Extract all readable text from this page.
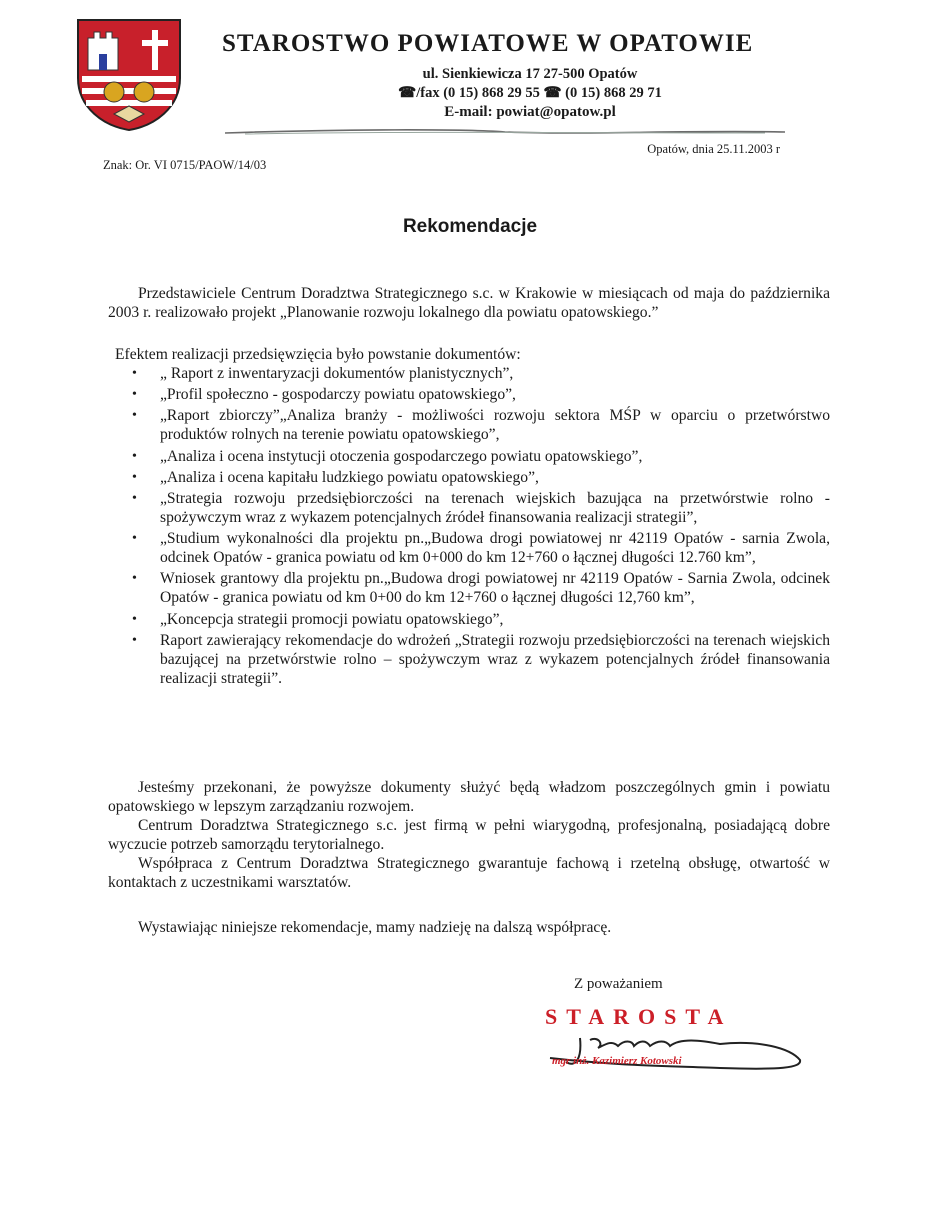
STAROSTWO POWIATOWE W OPATOWIE
ul. Sienkiewicza 17 27-500 Opatów
☎/fax (0 15) 868 29 55 ☎ (0 15) 868 29 71
E-mail: powiat@opatow.pl
Opatów, dnia 25.11.2003 r
Znak: Or. VI 0715/PAOW/14/03
Rekomendacje
Przedstawiciele Centrum Doradztwa Strategicznego s.c. w Krakowie w miesiącach od maja do października 2003 r. realizowało projekt „Planowanie rozwoju lokalnego dla powiatu opatowskiego.”
Efektem realizacji przedsięwzięcia było powstanie dokumentów:
• „ Raport z inwentaryzacji dokumentów planistycznych”,
• „Profil społeczno - gospodarczy powiatu opatowskiego”,
• „Raport zbiorczy”„Analiza branży - możliwości rozwoju sektora MŚP w oparciu o przetwórstwo produktów rolnych na terenie powiatu opatowskiego”,
• „Analiza i ocena instytucji otoczenia gospodarczego powiatu opatowskiego”,
• „Analiza i ocena kapitału ludzkiego powiatu opatowskiego”,
• „Strategia rozwoju przedsiębiorczości na terenach wiejskich bazująca na przetwórstwie rolno - spożywczym wraz z wykazem potencjalnych źródeł finansowania realizacji strategii”,
• „Studium wykonalności dla projektu pn.„Budowa drogi powiatowej nr 42119 Opatów - sarnia Zwola, odcinek Opatów - granica powiatu od km 0+000 do km 12+760 o łącznej długości 12.760 km”,
• Wniosek grantowy dla projektu pn.„Budowa drogi powiatowej nr 42119 Opatów - Sarnia Zwola, odcinek Opatów - granica powiatu od km 0+00 do km 12+760 o łącznej długości 12,760 km”,
• „Koncepcja strategii promocji powiatu opatowskiego”,
• Raport zawierający rekomendacje do wdrożeń „Strategii rozwoju przedsiębiorczości na terenach wiejskich bazującej na przetwórstwie rolno – spożywczym wraz z wykazem potencjalnych źródeł finansowania realizacji strategii”.
Jesteśmy przekonani, że powyższe dokumenty służyć będą władzom poszczególnych gmin i powiatu opatowskiego w lepszym zarządzaniu rozwojem.
Centrum Doradztwa Strategicznego s.c. jest firmą w pełni wiarygodną, profesjonalną, posiadającą dobre wyczucie potrzeb samorządu terytorialnego.
Współpraca z Centrum Doradztwa Strategicznego gwarantuje fachową i rzetelną obsługę, otwartość w kontaktach z uczestnikami warsztatów.
Wystawiając niniejsze rekomendacje, mamy nadzieję na dalszą współpracę.
Z poważaniem
STAROSTA
mgr inż. Kazimierz Kotowski
